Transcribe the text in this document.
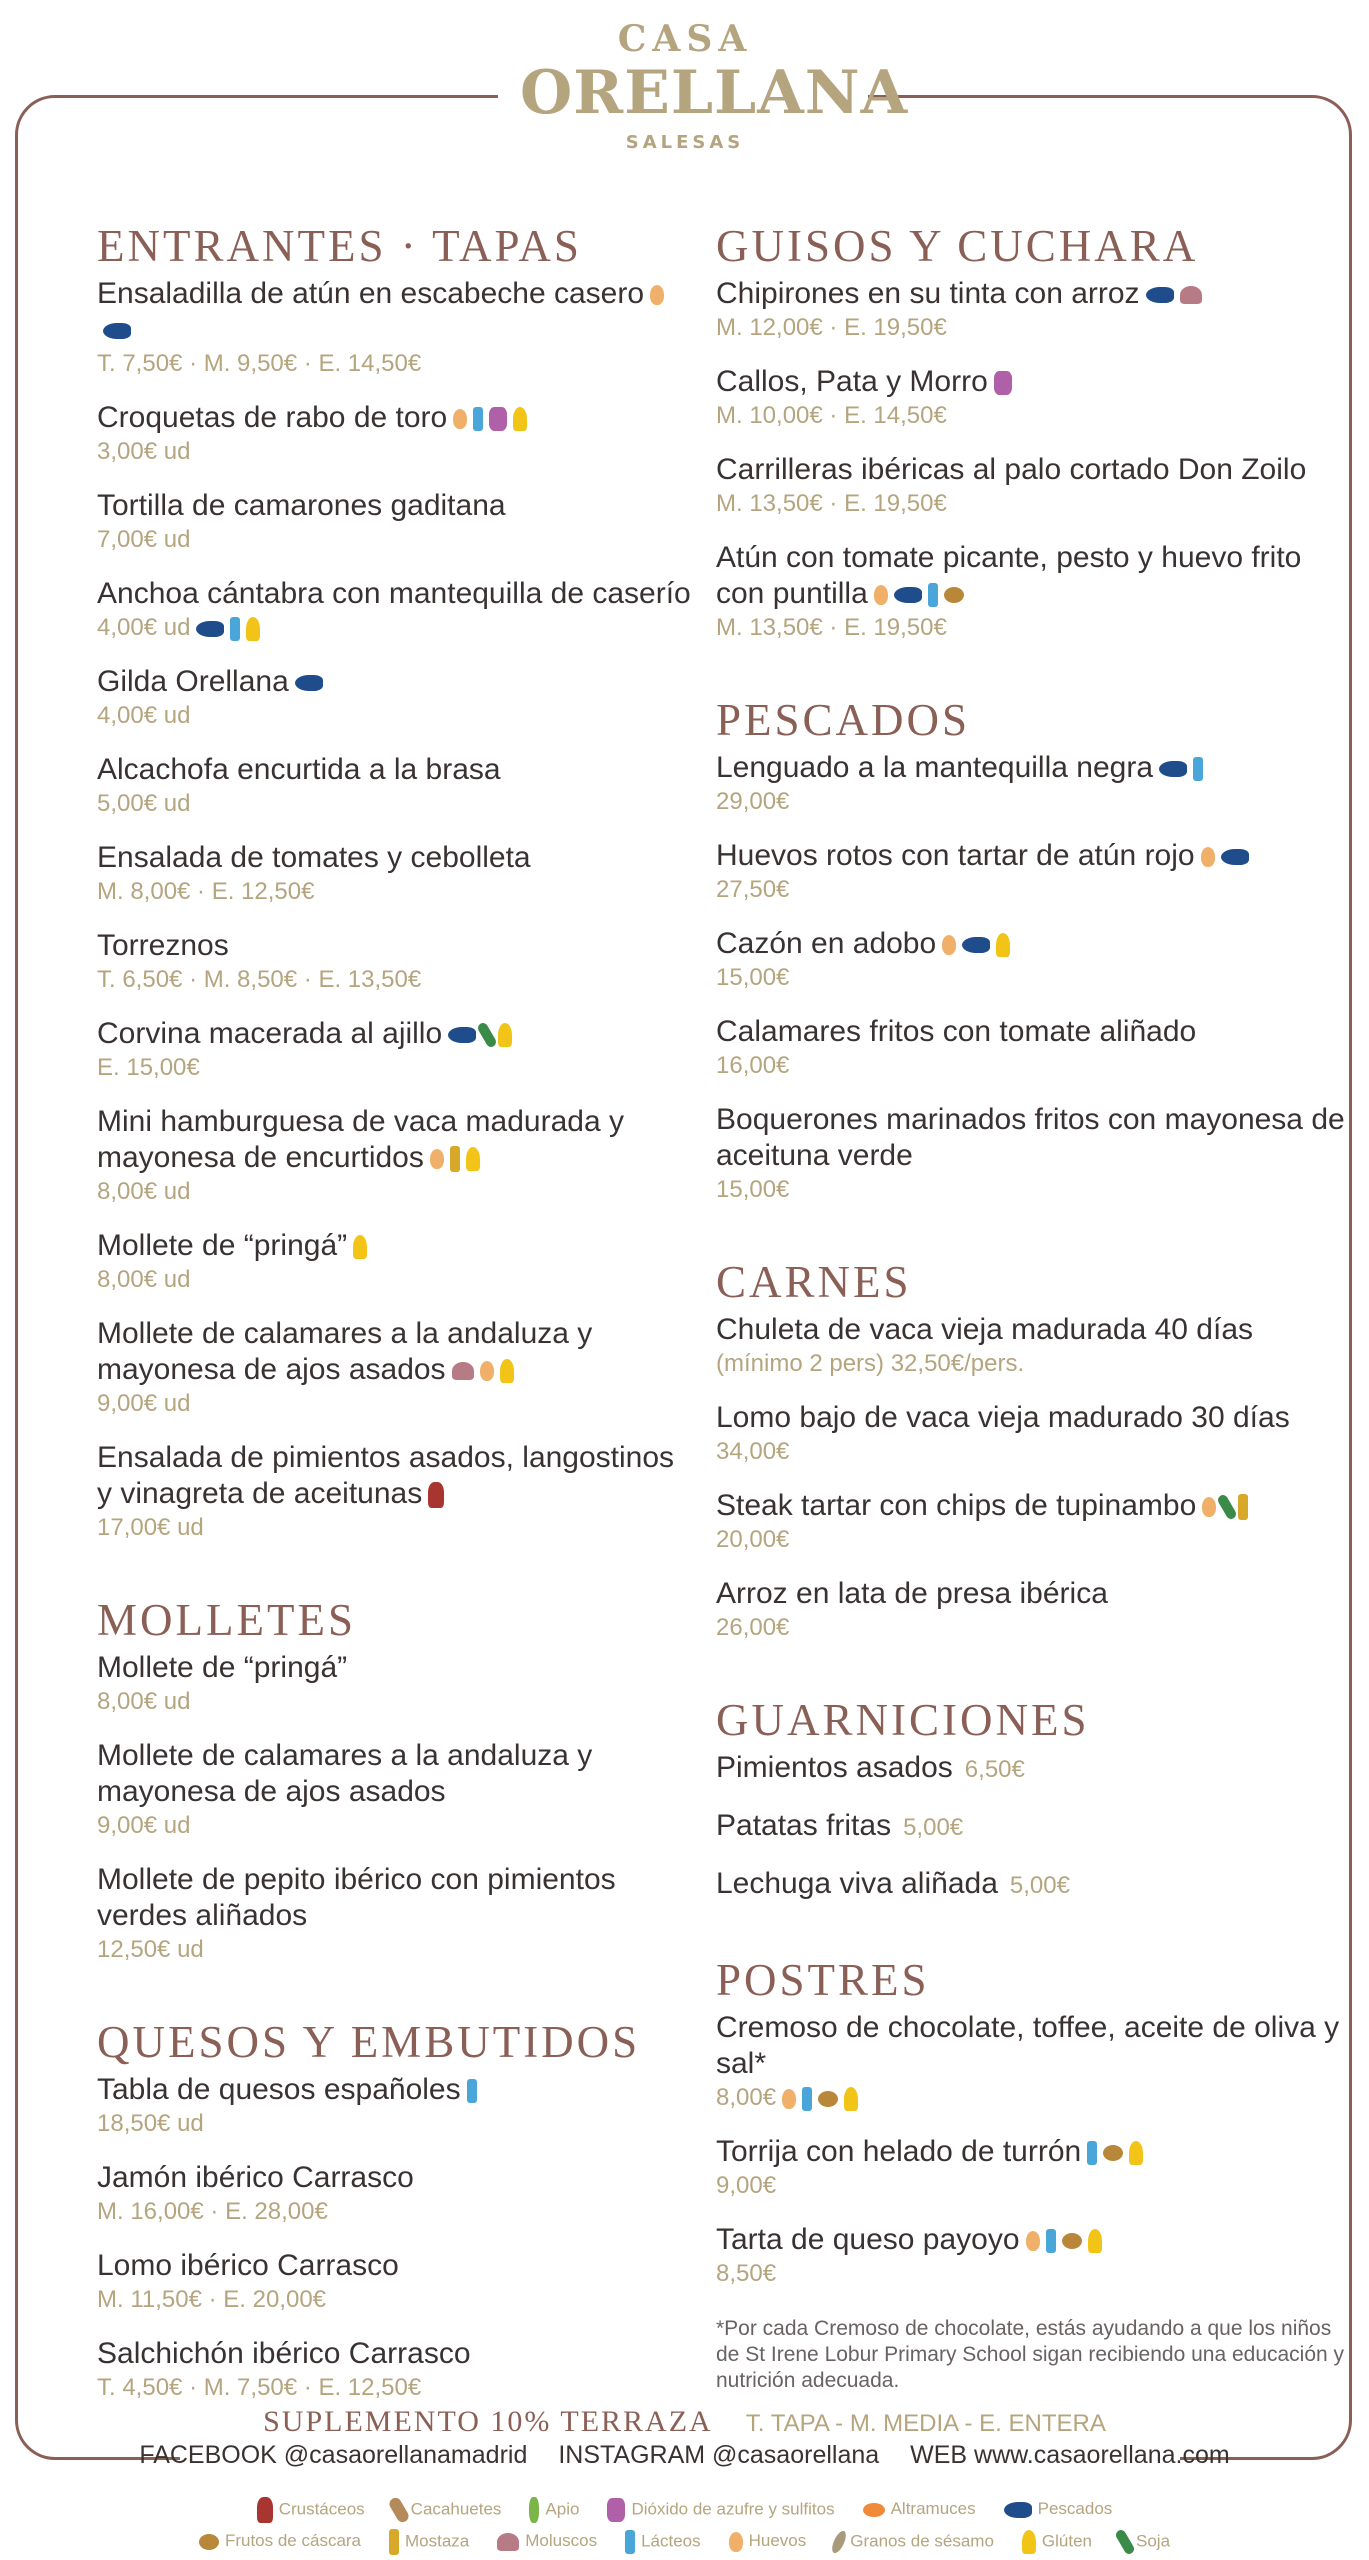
CASA
ORELLANA
SALESAS
ENTRANTES · TAPAS
Ensaladilla de atún en escabeche casero
T. 7,50€ · M. 9,50€ · E. 14,50€
Croquetas de rabo de toro
3,00€ ud
Tortilla de camarones gaditana
7,00€ ud
Anchoa cántabra con mantequilla de caserío
4,00€ ud
Gilda Orellana
4,00€ ud
Alcachofa encurtida a la brasa
5,00€ ud
Ensalada de tomates y cebolleta
M. 8,00€ · E. 12,50€
Torreznos
T. 6,50€ · M. 8,50€ · E. 13,50€
Corvina macerada al ajillo
E. 15,00€
Mini hamburguesa de vaca madurada y mayonesa de encurtidos
8,00€ ud
Mollete de “pringá”
8,00€ ud
Mollete de calamares a la andaluza y mayonesa de ajos asados
9,00€ ud
Ensalada de pimientos asados, langostinos y vinagreta de aceitunas
17,00€ ud
MOLLETES
Mollete de “pringá”
8,00€ ud
Mollete de calamares a la andaluza y mayonesa de ajos asados
9,00€ ud
Mollete de pepito ibérico con pimientos verdes aliñados
12,50€ ud
QUESOS Y EMBUTIDOS
Tabla de quesos españoles
18,50€ ud
Jamón ibérico Carrasco
M. 16,00€ · E. 28,00€
Lomo ibérico Carrasco
M. 11,50€ · E. 20,00€
Salchichón ibérico Carrasco
T. 4,50€ · M. 7,50€ · E. 12,50€
GUISOS Y CUCHARA
Chipirones en su tinta con arroz
M. 12,00€ · E. 19,50€
Callos, Pata y Morro
M. 10,00€ · E. 14,50€
Carrilleras ibéricas al palo cortado Don Zoilo
M. 13,50€ · E. 19,50€
Atún con tomate picante, pesto y huevo frito con puntilla
M. 13,50€ · E. 19,50€
PESCADOS
Lenguado a la mantequilla negra
29,00€
Huevos rotos con tartar de atún rojo
27,50€
Cazón en adobo
15,00€
Calamares fritos con tomate aliñado
16,00€
Boquerones marinados fritos con mayonesa de aceituna verde
15,00€
CARNES
Chuleta de vaca vieja madurada 40 días
(mínimo 2 pers) 32,50€/pers.
Lomo bajo de vaca vieja madurado 30 días
34,00€
Steak tartar con chips de tupinambo
20,00€
Arroz en lata de presa ibérica
26,00€
GUARNICIONES
Pimientos asados 6,50€
Patatas fritas 5,00€
Lechuga viva aliñada 5,00€
POSTRES
Cremoso de chocolate, toffee, aceite de oliva y sal*
8,00€
Torrija con helado de turrón
9,00€
Tarta de queso payoyo
8,50€
*Por cada Cremoso de chocolate, estás ayudando a que los niños de St Irene Lobur Primary School sigan recibiendo una educación y nutrición adecuada.
SUPLEMENTO 10% TERRAZA T. TAPA - M. MEDIA - E. ENTERA
FACEBOOK @casaorellanamadrid INSTAGRAM @casaorellana WEB www.casaorellana.com
Crustáceos	Cacahuetes	Apio	Dióxido de azufre y sulfitos	Altramuces	Pescados
Frutos de cáscara	Mostaza	Moluscos	Lácteos	Huevos	Granos de sésamo	Glúten	Soja
